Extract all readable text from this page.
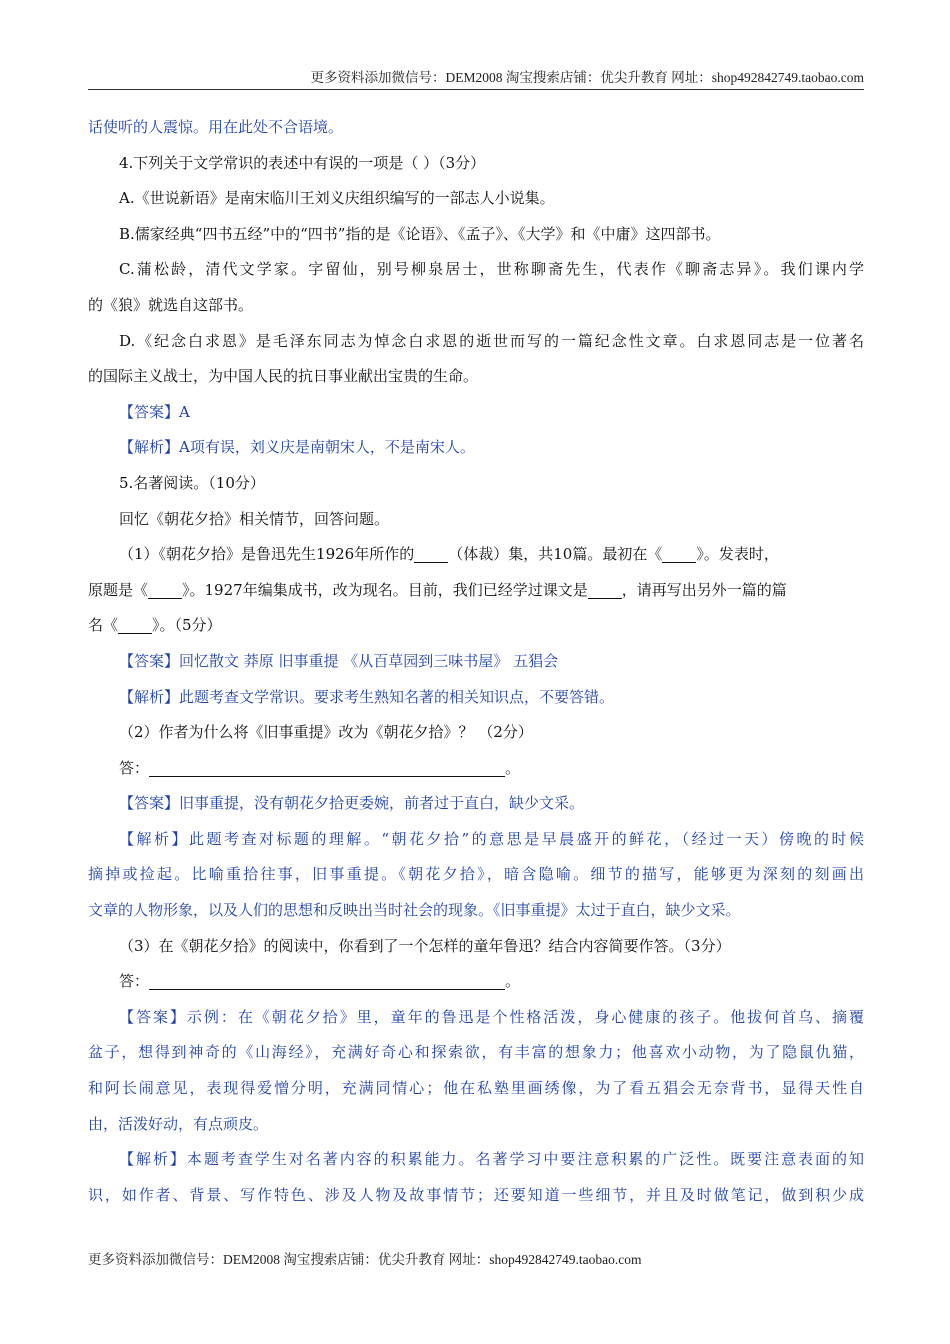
更多资料添加微信号：DEM2008 淘宝搜索店铺：优尖升教育 网址：shop492842749.taobao.com
话使听的人震惊。用在此处不合语境。
4.下列关于文学常识的表述中有误的一项是（ ）（3分）
A.《世说新语》是南宋临川王刘义庆组织编写的一部志人小说集。
B.儒家经典“四书五经”中的“四书”指的是《论语》、《孟子》、《大学》和《中庸》这四部书。
C.蒲松龄，清代文学家。字留仙，别号柳泉居士，世称聊斋先生，代表作《聊斋志异》。我们课内学
的《狼》就选自这部书。
D.《纪念白求恩》是毛泽东同志为悼念白求恩的逝世而写的一篇纪念性文章。白求恩同志是一位著名
的国际主义战士，为中国人民的抗日事业献出宝贵的生命。
【答案】A
【解析】A项有误，刘义庆是南朝宋人，不是南宋人。
5.名著阅读。（10分）
回忆《朝花夕拾》相关情节，回答问题。
（1）《朝花夕拾》是鲁迅先生1926年所作的 （体裁）集，共10篇。最初在《 》。发表时，
原题是《 》。1927年编集成书，改为现名。目前，我们已经学过课文是 ，请再写出另外一篇的篇
名《 》。（5分）
【答案】回忆散文 莽原 旧事重提 《从百草园到三味书屋》 五猖会
【解析】此题考查文学常识。要求考生熟知名著的相关知识点，不要答错。
（2）作者为什么将《旧事重提》改为《朝花夕拾》？ （2分）
答：	。
【答案】旧事重提，没有朝花夕拾更委婉，前者过于直白，缺少文采。
【解析】此题考查对标题的理解。“朝花夕拾”的意思是早晨盛开的鲜花，（经过一天）傍晚的时候
摘掉或捡起。比喻重拾往事，旧事重提。《朝花夕拾》，暗含隐喻。细节的描写，能够更为深刻的刻画出
文章的人物形象，以及人们的思想和反映出当时社会的现象。《旧事重提》太过于直白，缺少文采。
（3）在《朝花夕拾》的阅读中，你看到了一个怎样的童年鲁迅？结合内容简要作答。（3分）
答：	。
【答案】示例：在《朝花夕拾》里，童年的鲁迅是个性格活泼，身心健康的孩子。他拔何首乌、摘覆
盆子，想得到神奇的《山海经》，充满好奇心和探索欲，有丰富的想象力；他喜欢小动物，为了隐鼠仇猫，
和阿长闹意见，表现得爱憎分明，充满同情心；他在私塾里画绣像，为了看五猖会无奈背书，显得天性自
由，活泼好动，有点顽皮。
【解析】本题考查学生对名著内容的积累能力。名著学习中要注意积累的广泛性。既要注意表面的知
识，如作者、背景、写作特色、涉及人物及故事情节；还要知道一些细节，并且及时做笔记，做到积少成
更多资料添加微信号：DEM2008 淘宝搜索店铺：优尖升教育 网址：shop492842749.taobao.com
